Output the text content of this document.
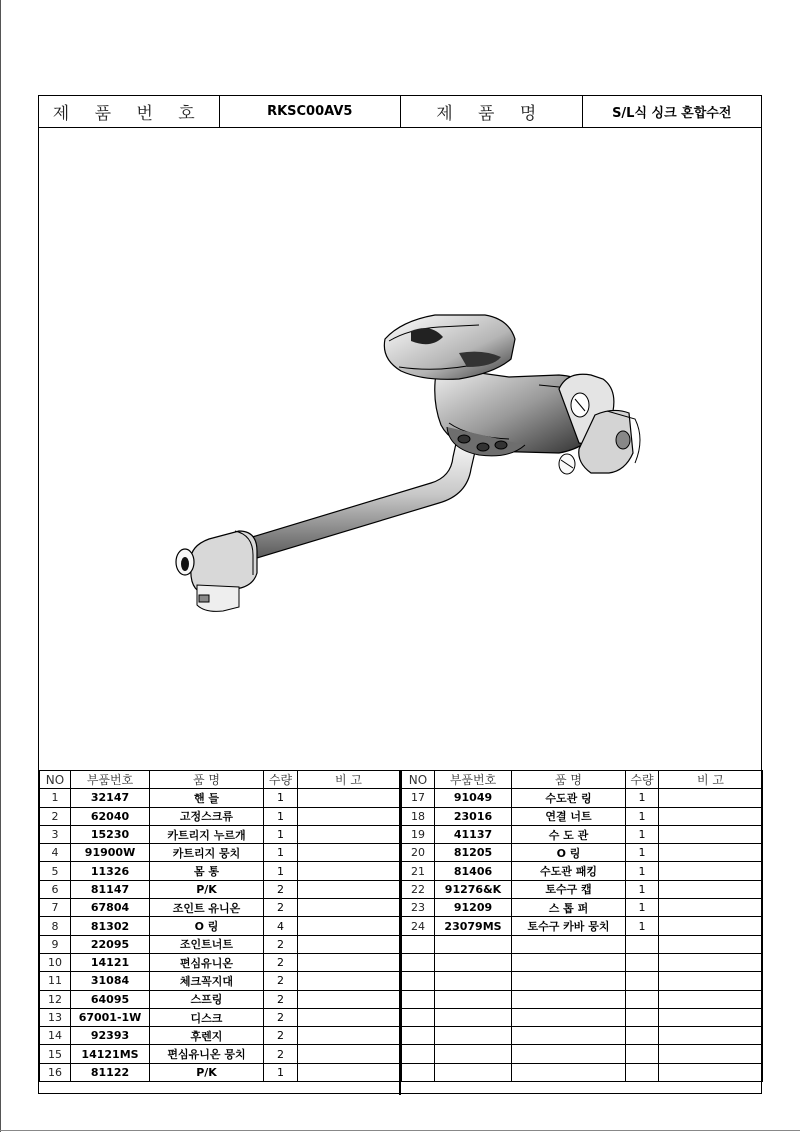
제 품 번 호	RKSC00AV5	제 품 명	S/L식 싱크 혼합수전
NO	부품번호	품 명	수량	비 고
1	32147	핸 들	1	
2	62040	고정스크류	1	
3	15230	카트리지 누르개	1	
4	91900W	카트리지 뭉치	1	
5	11326	몸 통	1	
6	81147	P/K	2	
7	67804	조인트 유니온	2	
8	81302	O 링	4	
9	22095	조인트너트	2	
10	14121	편심유니온	2	
11	31084	체크꼭지대	2	
12	64095	스프링	2	
13	67001-1W	디스크	2	
14	92393	후렌지	2	
15	14121MS	편심유니온 뭉치	2	
16	81122	P/K	1	
NO	부품번호	품 명	수량	비 고
17	91049	수도관 링	1	
18	23016	연결 너트	1	
19	41137	수 도 관	1	
20	81205	O 링	1	
21	81406	수도관 패킹	1	
22	91276&K	토수구 캡	1	
23	91209	스 톱 퍼	1	
24	23079MS	토수구 카바 뭉치	1	
